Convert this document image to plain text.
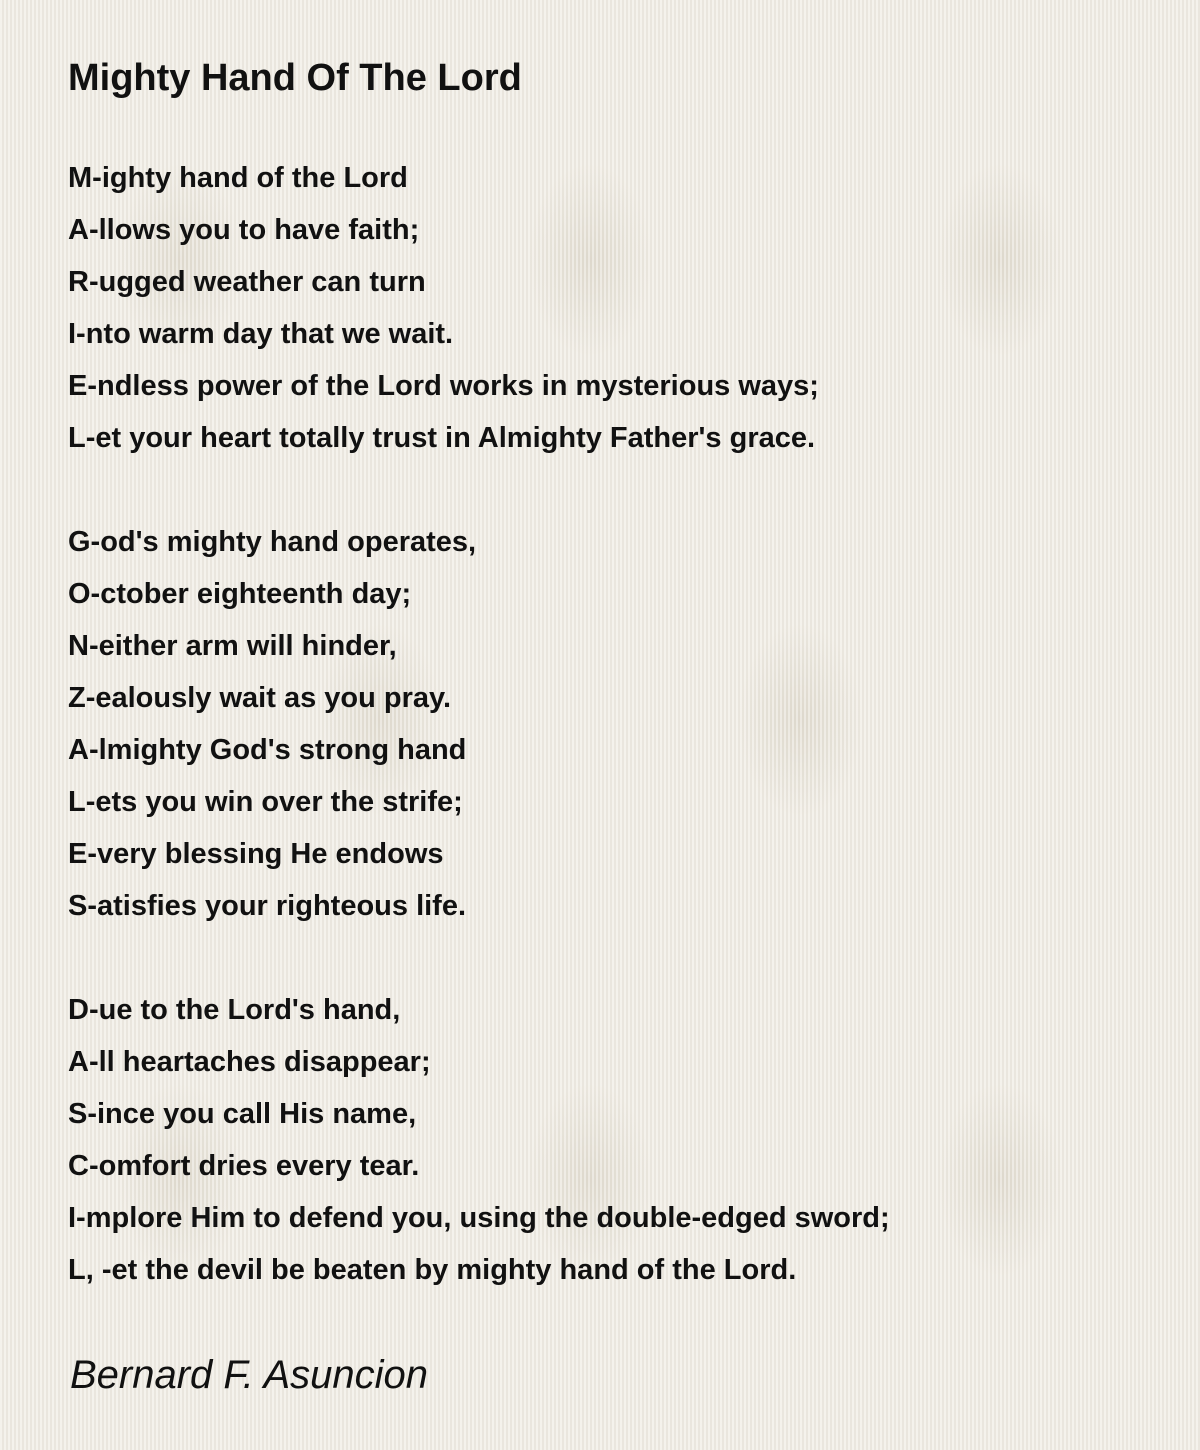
Mighty Hand Of The Lord
M-ighty hand of the Lord
A-llows you to have faith;
R-ugged weather can turn
I-nto warm day that we wait.
E-ndless power of the Lord works in mysterious ways;
L-et your heart totally trust in Almighty Father's grace.
G-od's mighty hand operates,
O-ctober eighteenth day;
N-either arm will hinder,
Z-ealously wait as you pray.
A-lmighty God's strong hand
L-ets you win over the strife;
E-very blessing He endows
S-atisfies your righteous life.
D-ue to the Lord's hand,
A-ll heartaches disappear;
S-ince you call His name,
C-omfort dries every tear.
I-mplore Him to defend you, using the double-edged sword;
L, -et the devil be beaten by mighty hand of the Lord.
Bernard F. Asuncion
